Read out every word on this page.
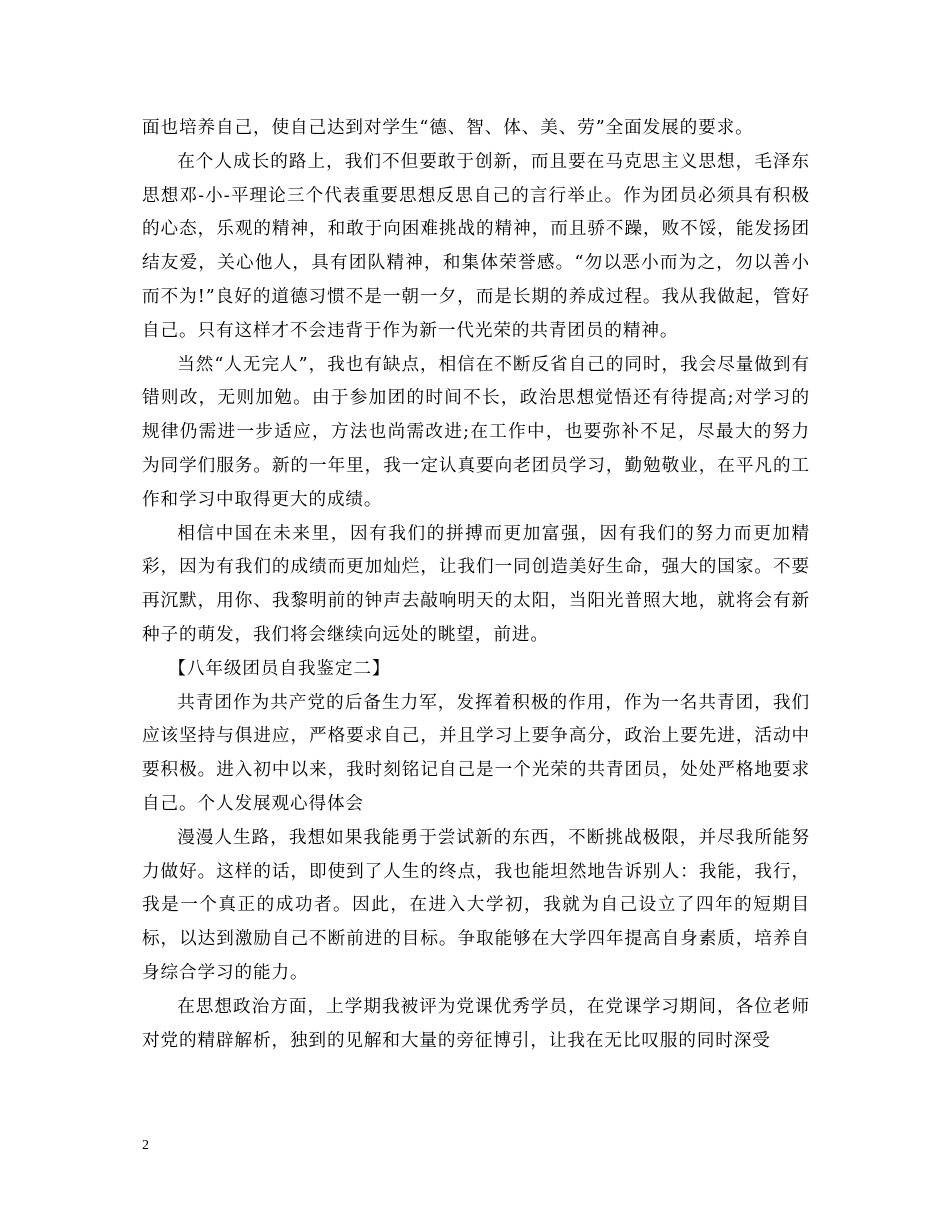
面也培养自己，使自己达到对学生“德、智、体、美、劳”全面发展的要求。

在个人成长的路上，我们不但要敢于创新，而且要在马克思主义思想，毛泽东思想邓-小-平理论三个代表重要思想反思自己的言行举止。作为团员必须具有积极的心态，乐观的精神，和敢于向困难挑战的精神，而且骄不躁，败不馁，能发扬团结友爱，关心他人，具有团队精神，和集体荣誉感。“勿以恶小而为之，勿以善小而不为!”良好的道德习惯不是一朝一夕，而是长期的养成过程。我从我做起，管好自己。只有这样才不会违背于作为新一代光荣的共青团员的精神。

当然“人无完人”，我也有缺点，相信在不断反省自己的同时，我会尽量做到有错则改，无则加勉。由于参加团的时间不长，政治思想觉悟还有待提高;对学习的规律仍需进一步适应，方法也尚需改进;在工作中，也要弥补不足，尽最大的努力为同学们服务。新的一年里，我一定认真要向老团员学习，勤勉敬业，在平凡的工作和学习中取得更大的成绩。

相信中国在未来里，因有我们的拼搏而更加富强，因有我们的努力而更加精彩，因为有我们的成绩而更加灿烂，让我们一同创造美好生命，强大的国家。不要再沉默，用你、我黎明前的钟声去敲响明天的太阳，当阳光普照大地，就将会有新种子的萌发，我们将会继续向远处的眺望，前进。

【八年级团员自我鉴定二】

共青团作为共产党的后备生力军，发挥着积极的作用，作为一名共青团，我们应该坚持与俱进应，严格要求自己，并且学习上要争高分，政治上要先进，活动中要积极。进入初中以来，我时刻铭记自己是一个光荣的共青团员，处处严格地要求自己。个人发展观心得体会

漫漫人生路，我想如果我能勇于尝试新的东西，不断挑战极限，并尽我所能努力做好。这样的话，即使到了人生的终点，我也能坦然地告诉别人：我能，我行，我是一个真正的成功者。因此，在进入大学初，我就为自己设立了四年的短期目标，以达到激励自己不断前进的目标。争取能够在大学四年提高自身素质，培养自身综合学习的能力。

在思想政治方面，上学期我被评为党课优秀学员，在党课学习期间，各位老师对党的精辟解析，独到的见解和大量的旁征博引，让我在无比叹服的同时深受

2
